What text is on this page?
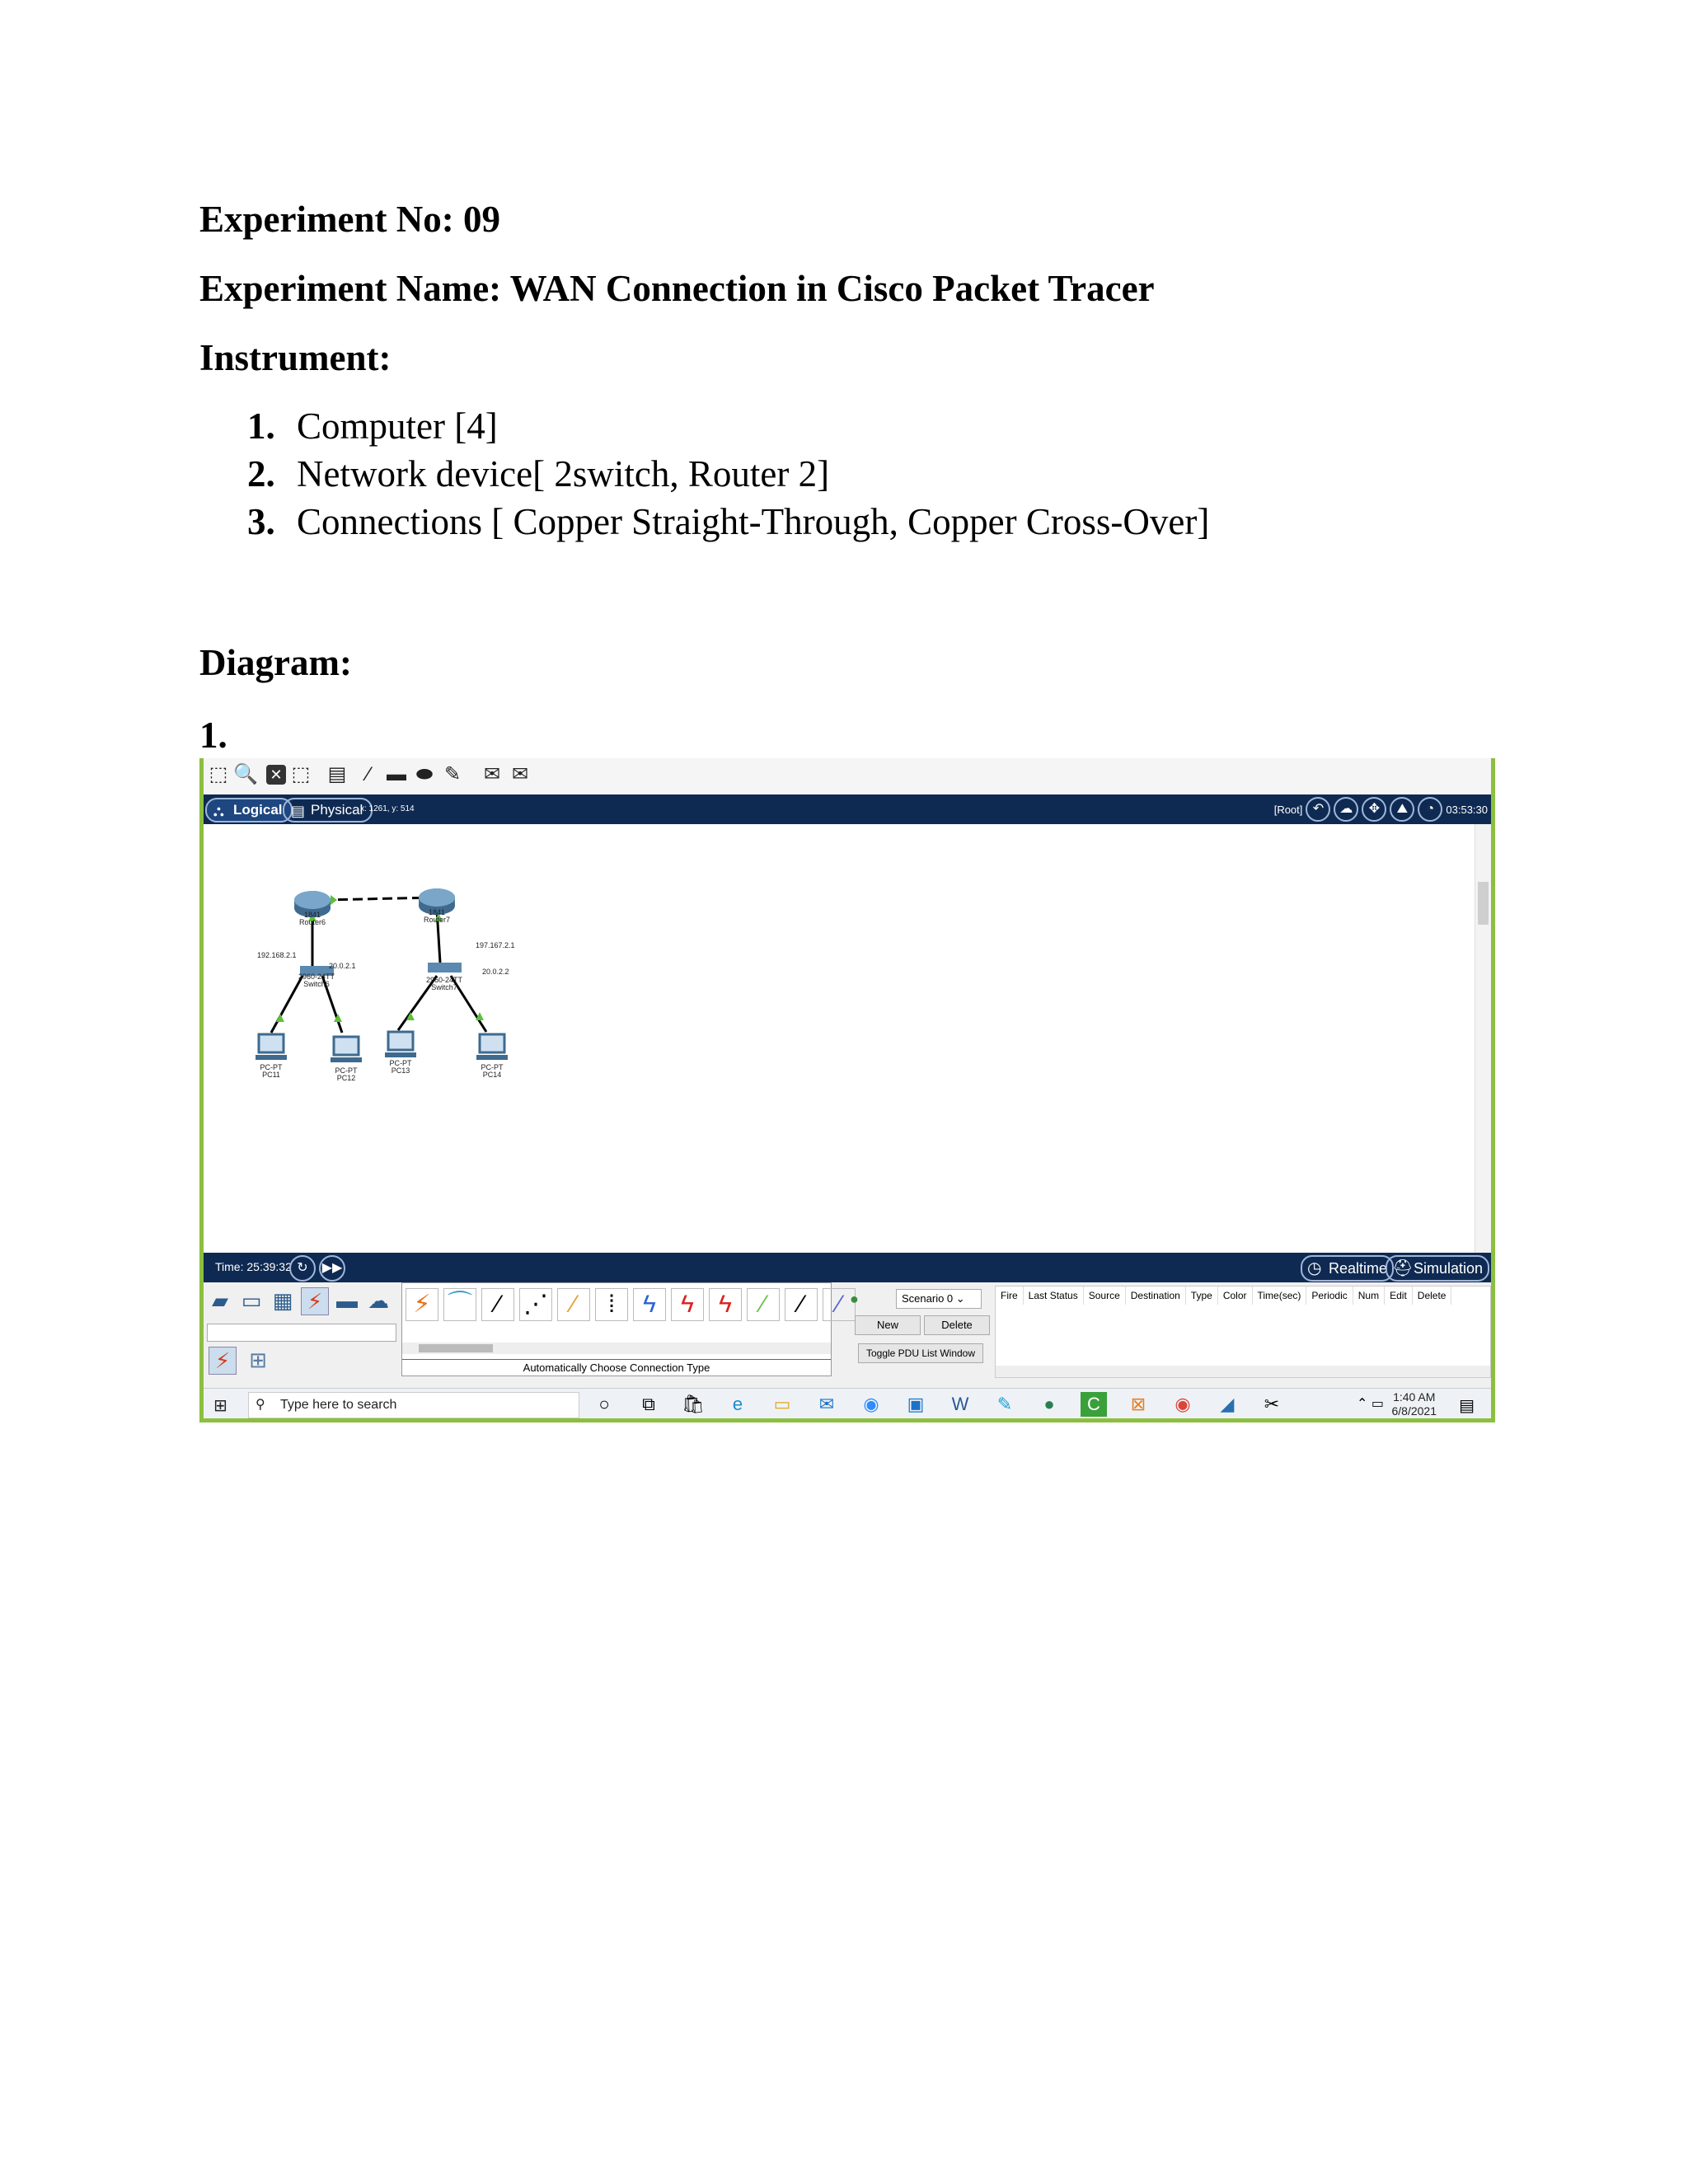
Experiment No: 09
Experiment Name: WAN Connection in Cisco Packet Tracer
Instrument:
1. Computer [4]
2. Network device[ 2switch, Router 2]
3. Connections [ Copper Straight-Through, Copper Cross-Over]
Diagram:
1.
⬚ 🔍 ✕ ⬚ ▤	⁄ ▬ ⬬ ✎ ✉ ✉
⛬ Logical ▤ Physical
x: 1261, y: 514	[Root] ↶	☁	✥	⛰	◔	03:53:30
1841
Router6
1841
Router7
2960-24TT
Switch6	2960-24TT
Switch7
PC-PT
PC11	PC-PT
PC12
PC-PT
PC13	PC-PT
PC14
192.168.2.1
20.0.2.1
197.167.2.1
20.0.2.2
Time: 25:39:32 ↻	▶▶	◷ Realtime ⛑ Simulation
▰ ▭ ▦ ⚡ ▬ ☁
⚡ ⊞
⚡ ⌒ ⁄ ⋰ ⁄	⁞	ϟ	ϟ	ϟ	⁄	⁄	⁄
Automatically Choose Connection Type
●	Scenario 0 ⌄
New	Delete
Toggle PDU List Window
Fire	Last Status	Source	Destination	Type	Color	Time(sec)	Periodic	Num	Edit	Delete
⊞ ⚲ Type here to search	○	⧉	🛍	e	▭	✉	◉ ▣ W	✎	●	C	⊠	◉	◢	✂	⌃ ▭ 1:40 AM
6/8/2021 ▤
